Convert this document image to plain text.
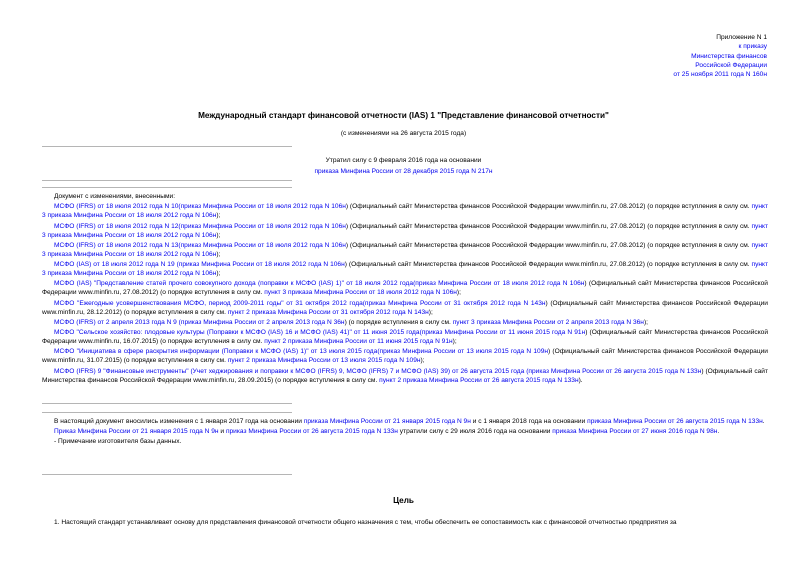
Приложение N 1
к приказу
Министерства финансов
Российской Федерации
от 25 ноября 2011 года N 160н
Международный стандарт финансовой отчетности (IAS) 1 "Представление финансовой отчетности"
(с изменениями на 26 августа 2015 года)
Утратил силу с 9 февраля 2016 года на основании
приказа Минфина России от 28 декабря 2015 года N 217н

Документ с изменениями, внесенными:

МСФО (IFRS) от 18 июля 2012 года N 10(приказ Минфина России от 18 июля 2012 года N 106н) (Официальный сайт Министерства финансов Российской Федерации www.minfin.ru, 27.08.2012) (о порядке вступления в силу см. пункт 3 приказа Минфина России от 18 июля 2012 года N 106н);

МСФО (IFRS) от 18 июля 2012 года N 12(приказ Минфина России от 18 июля 2012 года N 106н) (Официальный сайт Министерства финансов Российской Федерации www.minfin.ru, 27.08.2012) (о порядке вступления в силу см. пункт 3 приказа Минфина России от 18 июля 2012 года N 106н);

МСФО (IFRS) от 18 июля 2012 года N 13(приказ Минфина России от 18 июля 2012 года N 106н) (Официальный сайт Министерства финансов Российской Федерации www.minfin.ru, 27.08.2012) (о порядке вступления в силу см. пункт 3 приказа Минфина России от 18 июля 2012 года N 106н);

МСФО (IAS) от 18 июля 2012 года N 19 (приказ Минфина России от 18 июля 2012 года N 106н) (Официальный сайт Министерства финансов Российской Федерации www.minfin.ru, 27.08.2012) (о порядке вступления в силу см. пункт 3 приказа Минфина России от 18 июля 2012 года N 106н);

МСФО (IAS) "Представление статей прочего совокупного дохода (поправки к МСФО (IAS) 1)" от 18 июля 2012 года(приказ Минфина России от 18 июля 2012 года N 106н) (Официальный сайт Министерства финансов Российской Федерации www.minfin.ru, 27.08.2012) (о порядке вступления в силу см. пункт 3 приказа Минфина России от 18 июля 2012 года N 106н);

МСФО "Ежегодные усовершенствования МСФО, период 2009-2011 годы" от 31 октября 2012 года(приказ Минфина России от 31 октября 2012 года N 143н) (Официальный сайт Министерства финансов Российской Федерации www.minfin.ru, 28.12.2012) (о порядке вступления в силу см. пункт 2 приказа Минфина России от 31 октября 2012 года N 143н);

МСФО (IFRS) от 2 апреля 2013 года N 9 (приказ Минфина России от 2 апреля 2013 года N 36н) (о порядке вступления в силу см. пункт 3 приказа Минфина России от 2 апреля 2013 года N 36н);

МСФО "Сельское хозяйство: плодовые культуры (Поправки к МСФО (IAS) 16 и МСФО (IAS) 41)" от 11 июня 2015 года(приказ Минфина России от 11 июня 2015 года N 91н) (Официальный сайт Министерства финансов Российской Федерации www.minfin.ru, 16.07.2015) (о порядке вступления в силу см. пункт 2 приказа Минфина России от 11 июня 2015 года N 91н);

МСФО "Инициатива в сфере раскрытия информации (Поправки к МСФО (IAS) 1)" от 13 июля 2015 года(приказ Минфина России от 13 июля 2015 года N 109н) (Официальный сайт Министерства финансов Российской Федерации www.minfin.ru, 31.07.2015) (о порядке вступления в силу см. пункт 2 приказа Минфина России от 13 июля 2015 года N 109н);

МСФО (IFRS) 9 "Финансовые инструменты" (Учет хеджирования и поправки к МСФО (IFRS) 9, МСФО (IFRS) 7 и МСФО (IAS) 39) от 26 августа 2015 года (приказ Минфина России от 26 августа 2015 года N 133н) (Официальный сайт Министерства финансов Российской Федерации www.minfin.ru, 28.09.2015) (о порядке вступления в силу см. пункт 2 приказа Минфина России от 26 августа 2015 года N 133н).

В настоящий документ вносились изменения с 1 января 2017 года на основании приказа Минфина России от 21 января 2015 года N 9н и с 1 января 2018 года на основании приказа Минфина России от 26 августа 2015 года N 133н.

Приказ Минфина России от 21 января 2015 года N 9н и приказ Минфина России от 26 августа 2015 года N 133н утратили силу с 29 июля 2016 года на основании приказа Минфина России от 27 июня 2016 года N 98н.

- Примечание изготовителя базы данных.

Цель

1. Настоящий стандарт устанавливает основу для представления финансовой отчетности общего назначения с тем, чтобы обеспечить ее сопоставимость как с финансовой отчетностью предприятия за
